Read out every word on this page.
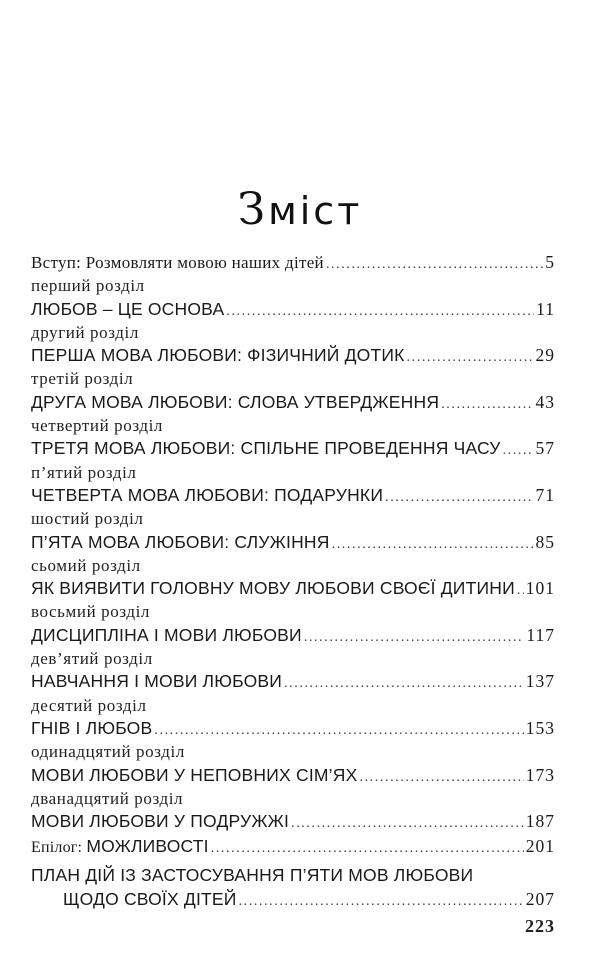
Зміст
Вступ: Розмовляти мовою наших дітей .....	5
перший розділ
ЛЮБОВ – ЦЕ ОСНОВА .....	11
другий розділ
ПЕРША МОВА ЛЮБОВИ: ФІЗИЧНИЙ ДОТИК .....	29
третій розділ
ДРУГА МОВА ЛЮБОВИ: СЛОВА УТВЕРДЖЕННЯ .....	43
четвертий розділ
ТРЕТЯ МОВА ЛЮБОВИ: СПІЛЬНЕ ПРОВЕДЕННЯ ЧАСУ ..... 57
п’ятий розділ
ЧЕТВЕРТА МОВА ЛЮБОВИ: ПОДАРУНКИ .....	71
шостий розділ
П’ЯТА МОВА ЛЮБОВИ: СЛУЖІННЯ .....	85
сьомий розділ
ЯК ВИЯВИТИ ГОЛОВНУ МОВУ ЛЮБОВИ СВОЄЇ ДИТИНИ ..... 101
восьмий розділ
ДИСЦИПЛІНА І МОВИ ЛЮБОВИ .....	117
дев’ятий розділ
НАВЧАННЯ І МОВИ ЛЮБОВИ .....	137
десятий розділ
ГНІВ І ЛЮБОВ .....	153
одинадцятий розділ
МОВИ ЛЮБОВИ У НЕПОВНИХ СІМ’ЯХ .....	173
дванадцятий розділ
МОВИ ЛЮБОВИ У ПОДРУЖЖІ .....	187
Епілог: МОЖЛИВОСТІ .....	201
ПЛАН ДІЙ ІЗ ЗАСТОСУВАННЯ П’ЯТИ МОВ ЛЮБОВИ
ЩОДО СВОЇХ ДІТЕЙ .....	207
223
